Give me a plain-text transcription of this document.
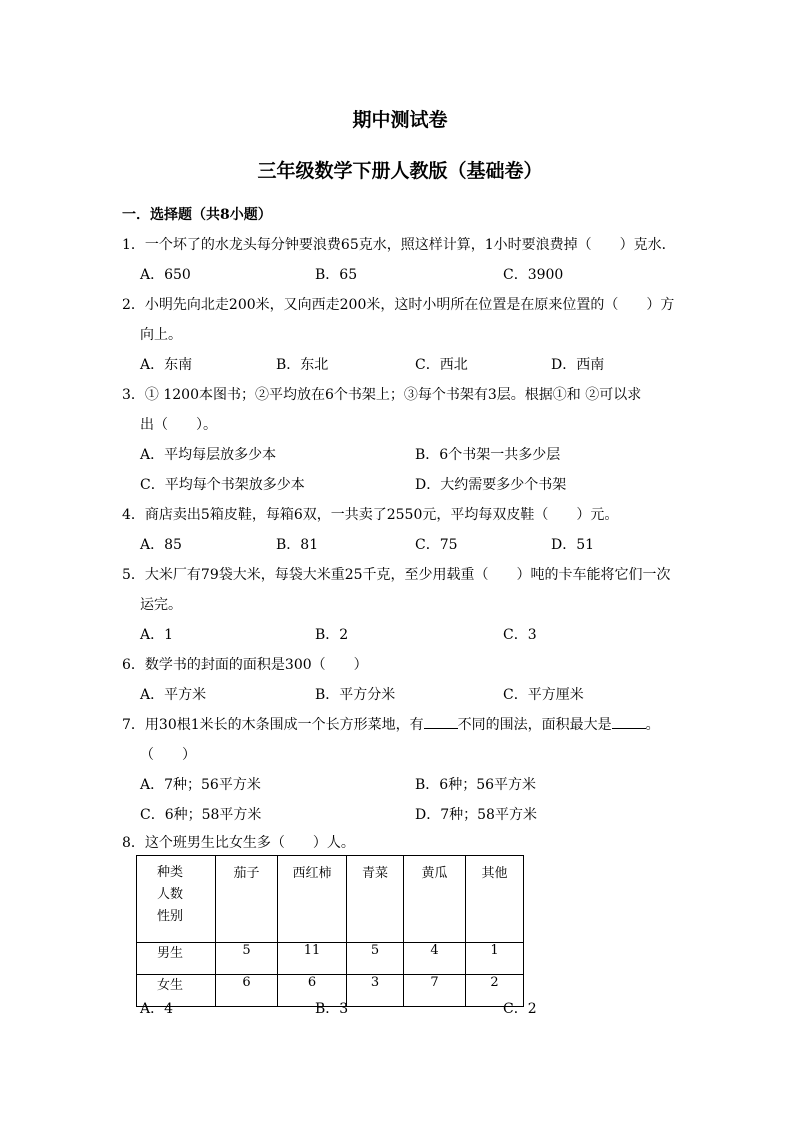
期中测试卷
三年级数学下册人教版（基础卷）
一．选择题（共8小题）
1．一个坏了的水龙头每分钟要浪费65克水，照这样计算，1小时要浪费掉（　　）克水．
A．650	B．65	C．3900
2．小明先向北走200米，又向西走200米，这时小明所在位置是在原来位置的（　　）方
向上。
A．东南	B．东北	C．西北	D．西南
3．① 1200本图书；②平均放在6个书架上；③每个书架有3层。根据①和 ②可以求
出（　　）。
A．平均每层放多少本	B．6个书架一共多少层
C．平均每个书架放多少本	D．大约需要多少个书架
4．商店卖出5箱皮鞋，每箱6双，一共卖了2550元，平均每双皮鞋（　　）元。
A．85	B．81	C．75	D．51
5．大米厂有79袋大米，每袋大米重25千克，至少用载重（　　）吨的卡车能将它们一次
运完。
A．1	B．2	C．3
6．数学书的封面的面积是300（　　）
A．平方米	B．平方分米	C．平方厘米
7．用30根1米长的木条围成一个长方形菜地，有 不同的围法，面积最大是 。
（　　）
A．7种；56平方米	B．6种；56平方米
C．6种；58平方米	D．7种；58平方米
8．这个班男生比女生多（　　）人。
种类
人数
性别	茄子	西红柿	青菜	黄瓜	其他
男生	5	11	5	4	1
女生	6	6	3	7	2
A．4	B．3	C．2
